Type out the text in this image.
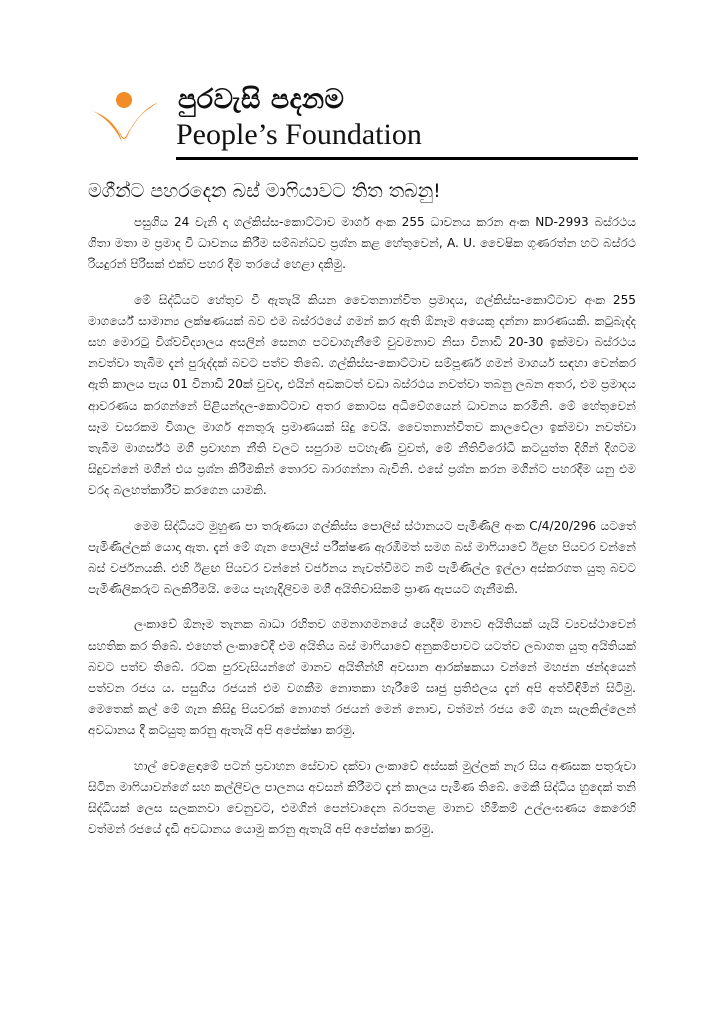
පුරවැසි පදනම
People’s Foundation
මගීන්ට පහරදෙන බස් මාෆියාවට තිත තබනු!

පසුගිය 24 වැනි දා ගල්කිස්ස-කොට්ටාව මාගර් අංක 255 ධාවනය කරන අංක ND-2993 බස්රථය ගිතා මතා ම ප්‍රමාද වී ධාවනය කිරීම සම්බන්ධව ප්‍රශ්න කළ හේතුවෙන්, A. U. වෛෂික ගුණරත්න හට බස්රථ රියදුරන් පිරිසක් එක්ව පහර දීම තරයේ හෙළා දකිමු.

මේ සිද්ධියට හේතුව වී ඇතැයි කියන වෛතනාන්විත ප්‍රමාදය, ගල්කිස්ස-කොට්ටාව අංක 255 මාගර්යේ සාමාන්‍ය ලක්ෂණයක් බව එම බස්රථයේ ගමන් කර ඇති ඕනෑම අයෙකු දන්නා කාරණයකි. කටුබැද්ද සහ මොරටු විශ්වවිද්‍යාලය අසලින් සෙනග පටවාගැනීමේ වුවමනාව නිසා විනාඩි 20-30 ඉක්මවා බස්රථය නවත්වා තැබීම දැන් පුරුද්දක් බවට පත්ව තිබේ. ගල්කිස්ස-කොට්ටාව සම්පූණර් ගමන් මාගර්ය සඳහා වෙන්කර ඇති කාලය පැය 01 විනාඩි 20ක් වුවද, එයින් අඩකටත් වඩා බස්රථය නවත්වා තබනු ලබන අතර, එම ප්‍රමාදය ආවරණය කරගන්නේ පිළියන්දල-කොට්ටාව අතර කොටස අධිවේගයෙන් ධාවනය කරමිනි. මේ හේතුවෙන් සෑම වසරකම විශාල මාගර් අනතුරු ප්‍රමාණයක් සිදු වෙයි. වෛතනාන්විතව කාලවේලා ඉක්මවා නවත්වා තැබීම මාගර්ස්ථ මගී ප්‍රවාහන නීති වලට සපුරාම පටහැණි වුවත්, මේ නීතිවිරෝධී කටයුත්ත දිගින් දිගටම සිදුවන්නේ මගීන් එය ප්‍රශ්න කිරීමකින් තොරව බාරගන්නා බැවිනි. එසේ ප්‍රශ්න කරන මගීන්ට පහරදීම යනු එම වරද බලහත්කාරීව කරගෙන යාමකි.

මෙම සිද්ධියට මුහුණ පා තරුණයා ගල්කිස්ස පොලිස් ස්ථානයට පැමිණිලි අංක C/4/20/296 යටතේ පැමිණිල්ලක් යොදා ඇත. දැන් මේ ගැන පොලිස් පරීක්ෂණ ඇරඹීමත් සමග බස් මාෆියාවේ ඊළඟ පියවර වන්නේ බස් වර්ජනයකි. එහි ඊළඟ පියවර වන්නේ වර්ජනය නැවත්වීමට නම් පැමිණිල්ල ඉල්ලා අස්කරගත යුතු බවට පැමිණිලිකරුට බලකිරීමයි. මෙය පැහැදිලිවම මගී අයිතිවාසිකම් ප්‍රාණ ඇපයට ගැනීමකි.

ලංකාවේ ඕනෑම තැනක බාධා රහිතව ගමනාගමනයේ යෙදීම මානව අයිතියක් යැයි ව්‍යවස්ථාවෙන් සහතික කර තිබේ. එහෙත් ලංකාවේදී එම අයිතිය බස් මාෆියාවේ අනුකම්පාවට යටත්ව ලබාගත යුතු අයිතියක් බවට පත්ව තිබේ. රටක පුරවැසියන්ගේ මානව අයිතීන්හි අවසාන ආරක්ෂකයා වන්නේ මහජන ඡන්දයෙන් පත්වන රජය ය. පසුගිය රජයන් එම වගකීම නොතකා හැරීමේ සෘජු ප්‍රතිඵලය දැන් අපි අත්විඳිමින් සිටිමු. මෙතෙක් කල් මේ ගැන කිසිදු පියවරක් නොගත් රජයන් මෙන් නොව, වත්මන් රජය මේ ගැන සැලකිල්ලෙන් අවධානය දී කටයුතු කරනු ඇතැයි අපි අපේක්ෂා කරමු.

හාල් වෙළෙඳාමේ පටන් ප්‍රවාහන සේවාව දක්වා ලංකාවේ අස්සක් මුල්ලක් නැර සිය අණසක පතුරුවා සිටින මාෆියාවන්ගේ සහ කල්ලිවල පාලනය අවසන් කිරීමට දැන් කාලය පැමිණ තිබේ. මෙකී සිද්ධිය හුදෙක් තනි සිද්ධියක් ලෙස සලකනවා වෙනුවට, එමගින් පෙන්වාදෙන බරපතළ මානව හිමිකම් උල්ලංඝණය කෙරෙහි වත්මන් රජයේ දැඩි අවධානය යොමු කරනු ඇතැයි අපි අපේක්ෂා කරමු.
